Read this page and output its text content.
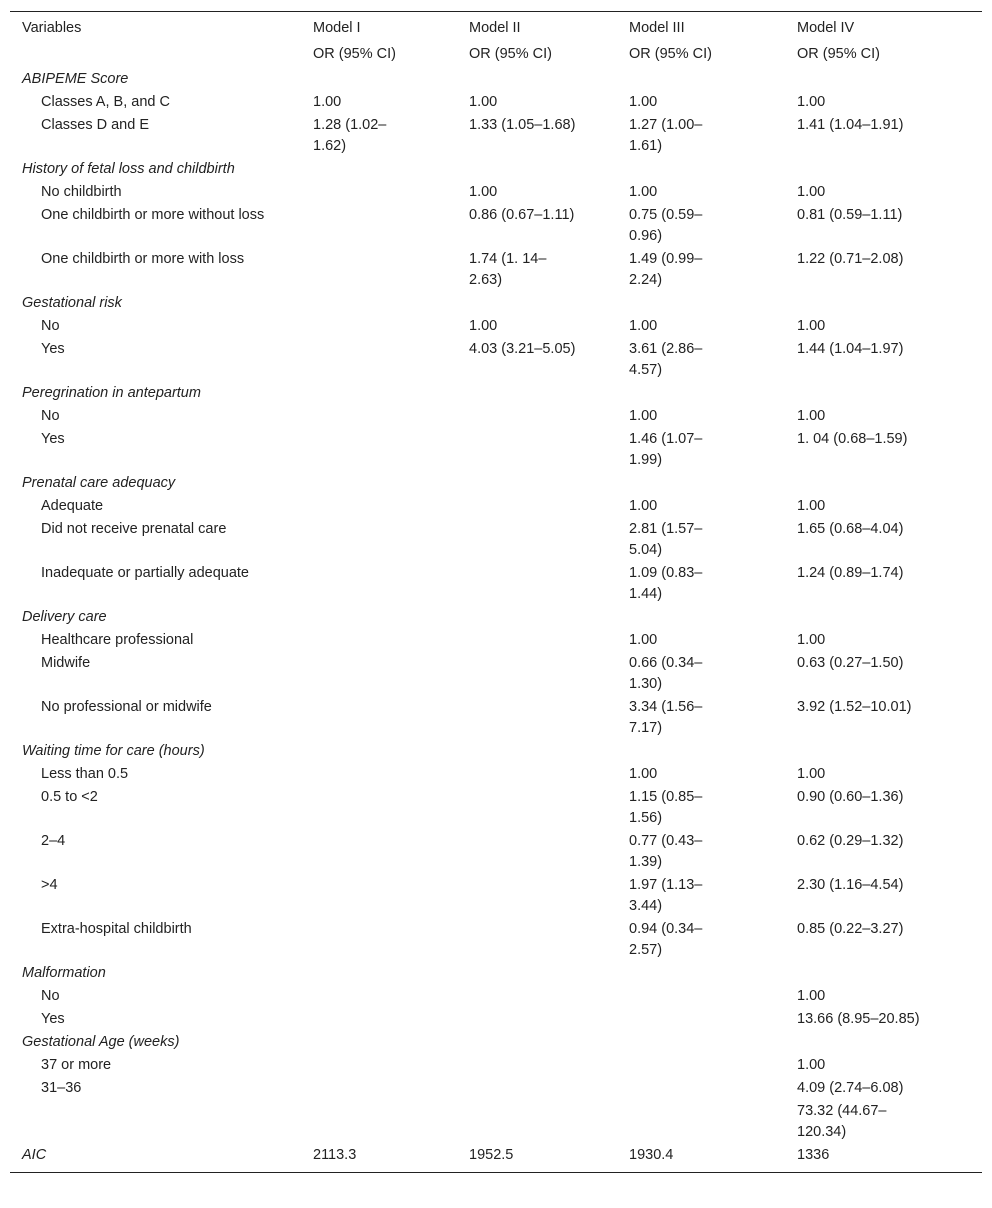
Variables	Model I	Model II	Model III	Model IV
	OR (95% CI)	OR (95% CI)	OR (95% CI)	OR (95% CI)
ABIPEME Score				
Classes A, B, and C	1.00	1.00	1.00	1.00
Classes D and E	1.28 (1.02–1.62)	1.33 (1.05–1.68)	1.27 (1.00–1.61)	1.41 (1.04–1.91)
History of fetal loss and childbirth				
No childbirth		1.00	1.00	1.00
One childbirth or more without loss		0.86 (0.67–1.11)	0.75 (0.59–0.96)	0.81 (0.59–1.11)
One childbirth or more with loss		1.74 (1. 14–2.63)	1.49 (0.99–2.24)	1.22 (0.71–2.08)
Gestational risk				
No		1.00	1.00	1.00
Yes		4.03 (3.21–5.05)	3.61 (2.86–4.57)	1.44 (1.04–1.97)
Peregrination in antepartum				
No			1.00	1.00
Yes			1.46 (1.07–1.99)	1. 04 (0.68–1.59)
Prenatal care adequacy				
Adequate			1.00	1.00
Did not receive prenatal care			2.81 (1.57–5.04)	1.65 (0.68–4.04)
Inadequate or partially adequate			1.09 (0.83–1.44)	1.24 (0.89–1.74)
Delivery care				
Healthcare professional			1.00	1.00
Midwife			0.66 (0.34–1.30)	0.63 (0.27–1.50)
No professional or midwife			3.34 (1.56–7.17)	3.92 (1.52–10.01)
Waiting time for care (hours)				
Less than 0.5			1.00	1.00
0.5 to <2			1.15 (0.85–1.56)	0.90 (0.60–1.36)
2–4			0.77 (0.43–1.39)	0.62 (0.29–1.32)
>4			1.97 (1.13–3.44)	2.30 (1.16–4.54)
Extra-hospital childbirth			0.94 (0.34–2.57)	0.85 (0.22–3.27)
Malformation				
No				1.00
Yes				13.66 (8.95–20.85)
Gestational Age (weeks)				
37 or more				1.00
31–36				4.09 (2.74–6.08)
				73.32 (44.67–120.34)
AIC	2113.3	1952.5	1930.4	1336
